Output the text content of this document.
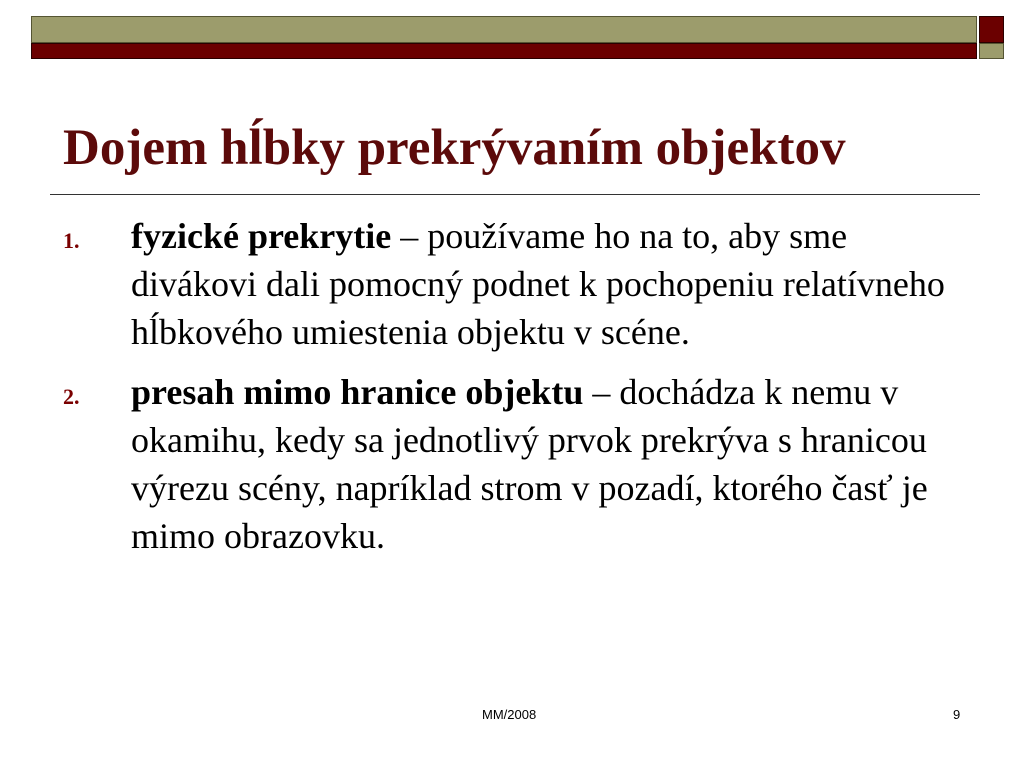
Dojem hĺbky prekrývaním objektov
1. fyzické prekrytie – používame ho na to, aby sme divákovi dali pomocný podnet k pochopeniu relatívneho hĺbkového umiestenia objektu v scéne.
2. presah mimo hranice objektu – dochádza k nemu v okamihu, kedy sa jednotlivý prvok prekrýva s hranicou výrezu scény, napríklad strom v pozadí, ktorého časť je mimo obrazovku.
MM/2008	9
